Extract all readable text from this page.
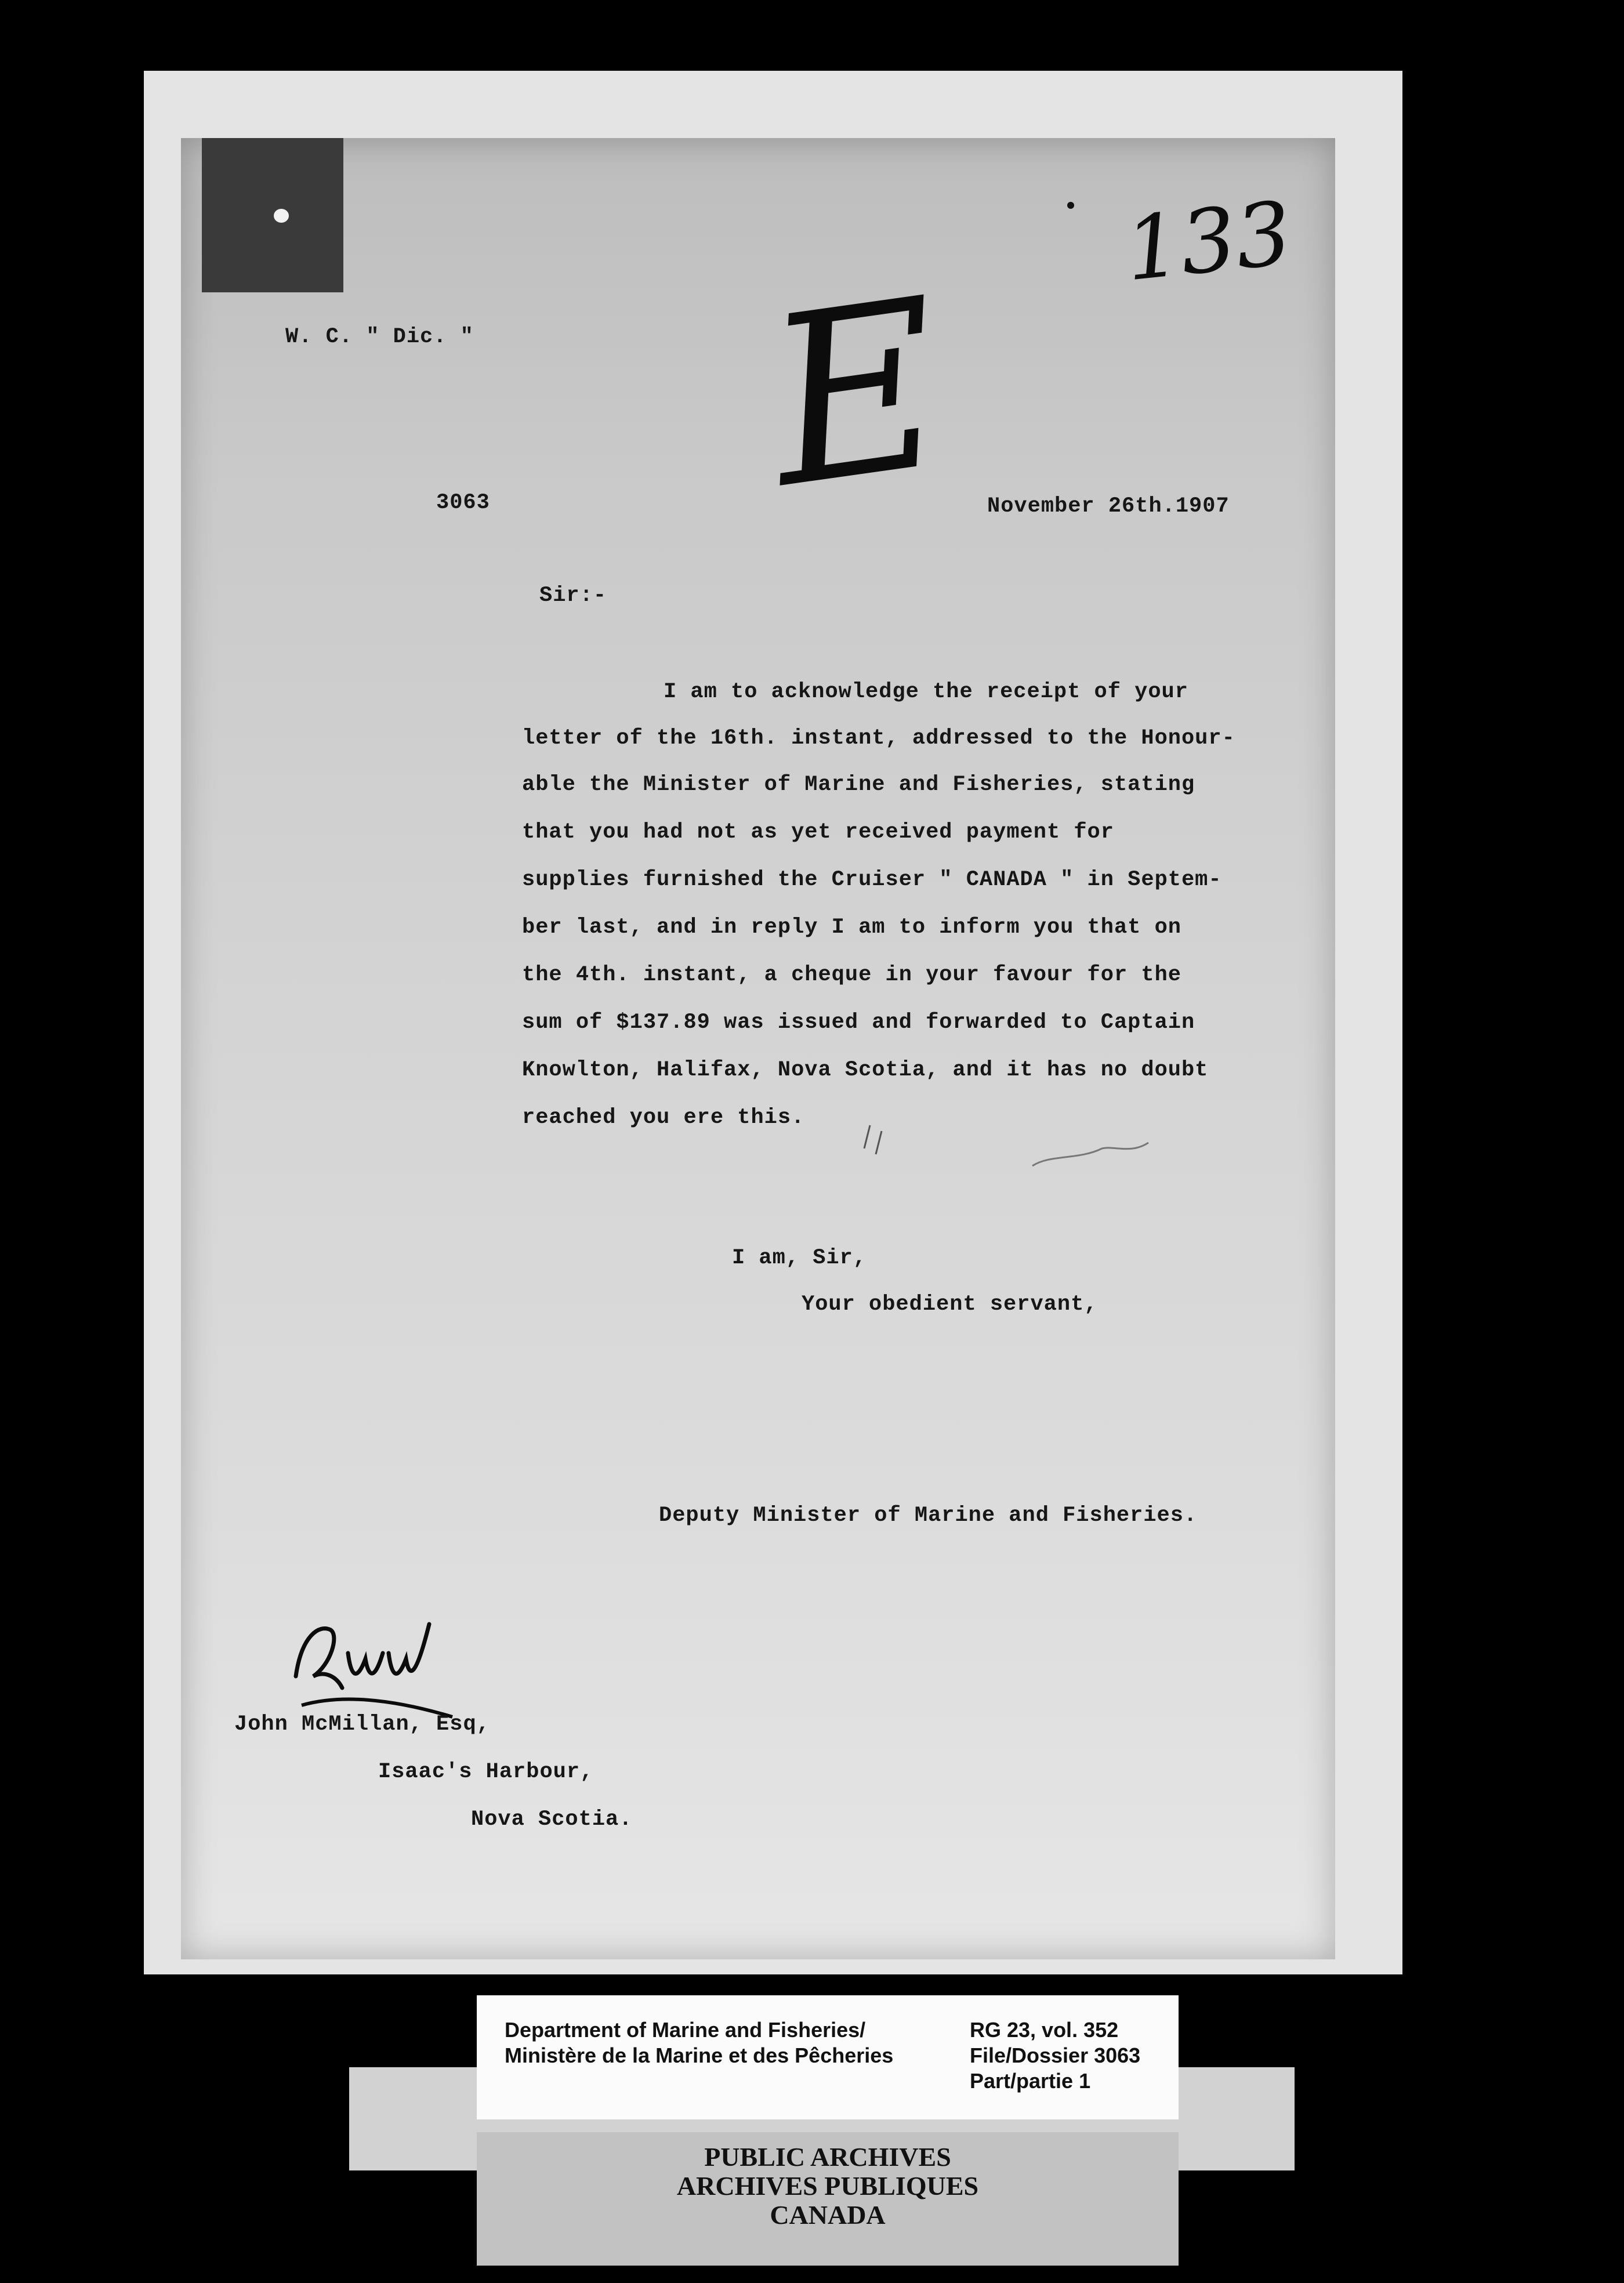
133
E
W. C. " Dic. "
3063	November 26th.1907
Sir:-
I am to acknowledge the receipt of your
letter of the 16th. instant, addressed to the Honour-
able the Minister of Marine and Fisheries, stating
that you had not as yet received payment for
supplies furnished the Cruiser " CANADA " in Septem-
ber last, and in reply I am to inform you that on
the 4th. instant, a cheque in your favour for the
sum of $137.89 was issued and forwarded to Captain
Knowlton, Halifax, Nova Scotia, and it has no doubt
reached you ere this.
I am, Sir,
Your obedient servant,
Deputy Minister of Marine and Fisheries.
John McMillan, Esq,
Isaac's Harbour,
Nova Scotia.
Department of Marine and Fisheries/
Ministère de la Marine et des Pêcheries
RG 23, vol. 352
File/Dossier 3063
Part/partie 1
PUBLIC ARCHIVES
ARCHIVES PUBLIQUES
CANADA
